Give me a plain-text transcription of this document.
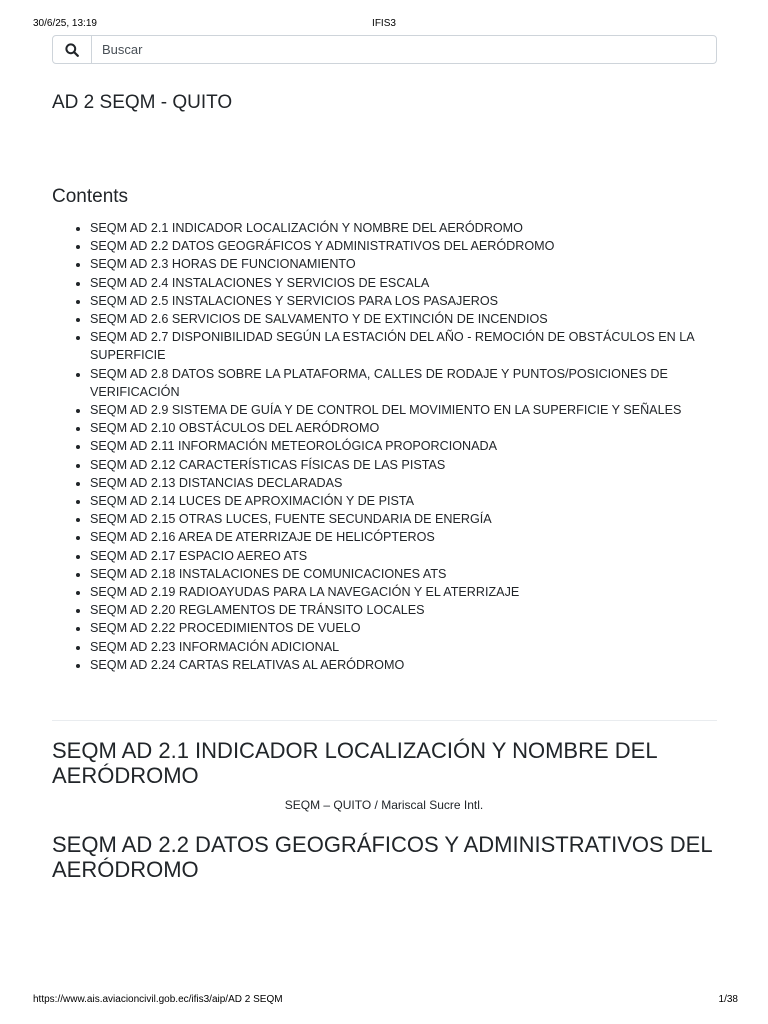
30/6/25, 13:19	IFIS3
Buscar
AD 2 SEQM - QUITO
Contents
• SEQM AD 2.1 INDICADOR LOCALIZACIÓN Y NOMBRE DEL AERÓDROMO
• SEQM AD 2.2 DATOS GEOGRÁFICOS Y ADMINISTRATIVOS DEL AERÓDROMO
• SEQM AD 2.3 HORAS DE FUNCIONAMIENTO
• SEQM AD 2.4 INSTALACIONES Y SERVICIOS DE ESCALA
• SEQM AD 2.5 INSTALACIONES Y SERVICIOS PARA LOS PASAJEROS
• SEQM AD 2.6 SERVICIOS DE SALVAMENTO Y DE EXTINCIÓN DE INCENDIOS
• SEQM AD 2.7 DISPONIBILIDAD SEGÚN LA ESTACIÓN DEL AÑO - REMOCIÓN DE OBSTÁCULOS EN LA SUPERFICIE
• SEQM AD 2.8 DATOS SOBRE LA PLATAFORMA, CALLES DE RODAJE Y PUNTOS/POSICIONES DE VERIFICACIÓN
• SEQM AD 2.9 SISTEMA DE GUÍA Y DE CONTROL DEL MOVIMIENTO EN LA SUPERFICIE Y SEÑALES
• SEQM AD 2.10 OBSTÁCULOS DEL AERÓDROMO
• SEQM AD 2.11 INFORMACIÓN METEOROLÓGICA PROPORCIONADA
• SEQM AD 2.12 CARACTERÍSTICAS FÍSICAS DE LAS PISTAS
• SEQM AD 2.13 DISTANCIAS DECLARADAS
• SEQM AD 2.14 LUCES DE APROXIMACIÓN Y DE PISTA
• SEQM AD 2.15 OTRAS LUCES, FUENTE SECUNDARIA DE ENERGÍA
• SEQM AD 2.16 AREA DE ATERRIZAJE DE HELICÓPTEROS
• SEQM AD 2.17 ESPACIO AEREO ATS
• SEQM AD 2.18 INSTALACIONES DE COMUNICACIONES ATS
• SEQM AD 2.19 RADIOAYUDAS PARA LA NAVEGACIÓN Y EL ATERRIZAJE
• SEQM AD 2.20 REGLAMENTOS DE TRÁNSITO LOCALES
• SEQM AD 2.22 PROCEDIMIENTOS DE VUELO
• SEQM AD 2.23 INFORMACIÓN ADICIONAL
• SEQM AD 2.24 CARTAS RELATIVAS AL AERÓDROMO
SEQM AD 2.1 INDICADOR LOCALIZACIÓN Y NOMBRE DEL AERÓDROMO

SEQM – QUITO / Mariscal Sucre Intl.

SEQM AD 2.2 DATOS GEOGRÁFICOS Y ADMINISTRATIVOS DEL AERÓDROMO
https://www.ais.aviacioncivil.gob.ec/ifis3/aip/AD 2 SEQM	1/38
